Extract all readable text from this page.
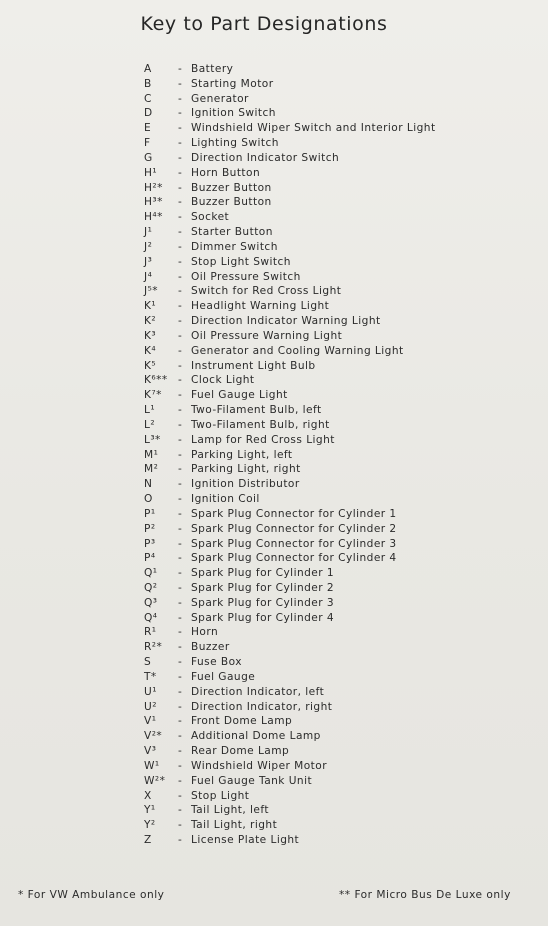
Key to Part Designations
A	- Battery
B	- Starting Motor
C	- Generator
D	- Ignition Switch
E	- Windshield Wiper Switch and Interior Light
F	- Lighting Switch
G	- Direction Indicator Switch
H¹	- Horn Button
H²*	- Buzzer Button
H³*	- Buzzer Button
H⁴*	- Socket
J¹	- Starter Button
J²	- Dimmer Switch
J³	- Stop Light Switch
J⁴	- Oil Pressure Switch
J⁵*	- Switch for Red Cross Light
K¹	- Headlight Warning Light
K²	- Direction Indicator Warning Light
K³	- Oil Pressure Warning Light
K⁴	- Generator and Cooling Warning Light
K⁵	- Instrument Light Bulb
K⁶** - Clock Light
K⁷*	- Fuel Gauge Light
L¹	- Two-Filament Bulb, left
L²	- Two-Filament Bulb, right
L³*	- Lamp for Red Cross Light
M¹	- Parking Light, left
M²	- Parking Light, right
N	- Ignition Distributor
O	- Ignition Coil
P¹	- Spark Plug Connector for Cylinder 1
P²	- Spark Plug Connector for Cylinder 2
P³	- Spark Plug Connector for Cylinder 3
P⁴	- Spark Plug Connector for Cylinder 4
Q¹	- Spark Plug for Cylinder 1
Q²	- Spark Plug for Cylinder 2
Q³	- Spark Plug for Cylinder 3
Q⁴	- Spark Plug for Cylinder 4
R¹	- Horn
R²*	- Buzzer
S	- Fuse Box
T*	- Fuel Gauge
U¹	- Direction Indicator, left
U²	- Direction Indicator, right
V¹	- Front Dome Lamp
V²*	- Additional Dome Lamp
V³	- Rear Dome Lamp
W¹	- Windshield Wiper Motor
W²*	- Fuel Gauge Tank Unit
X	- Stop Light
Y¹	- Tail Light, left
Y²	- Tail Light, right
Z	- License Plate Light
* For VW Ambulance only	** For Micro Bus De Luxe only
